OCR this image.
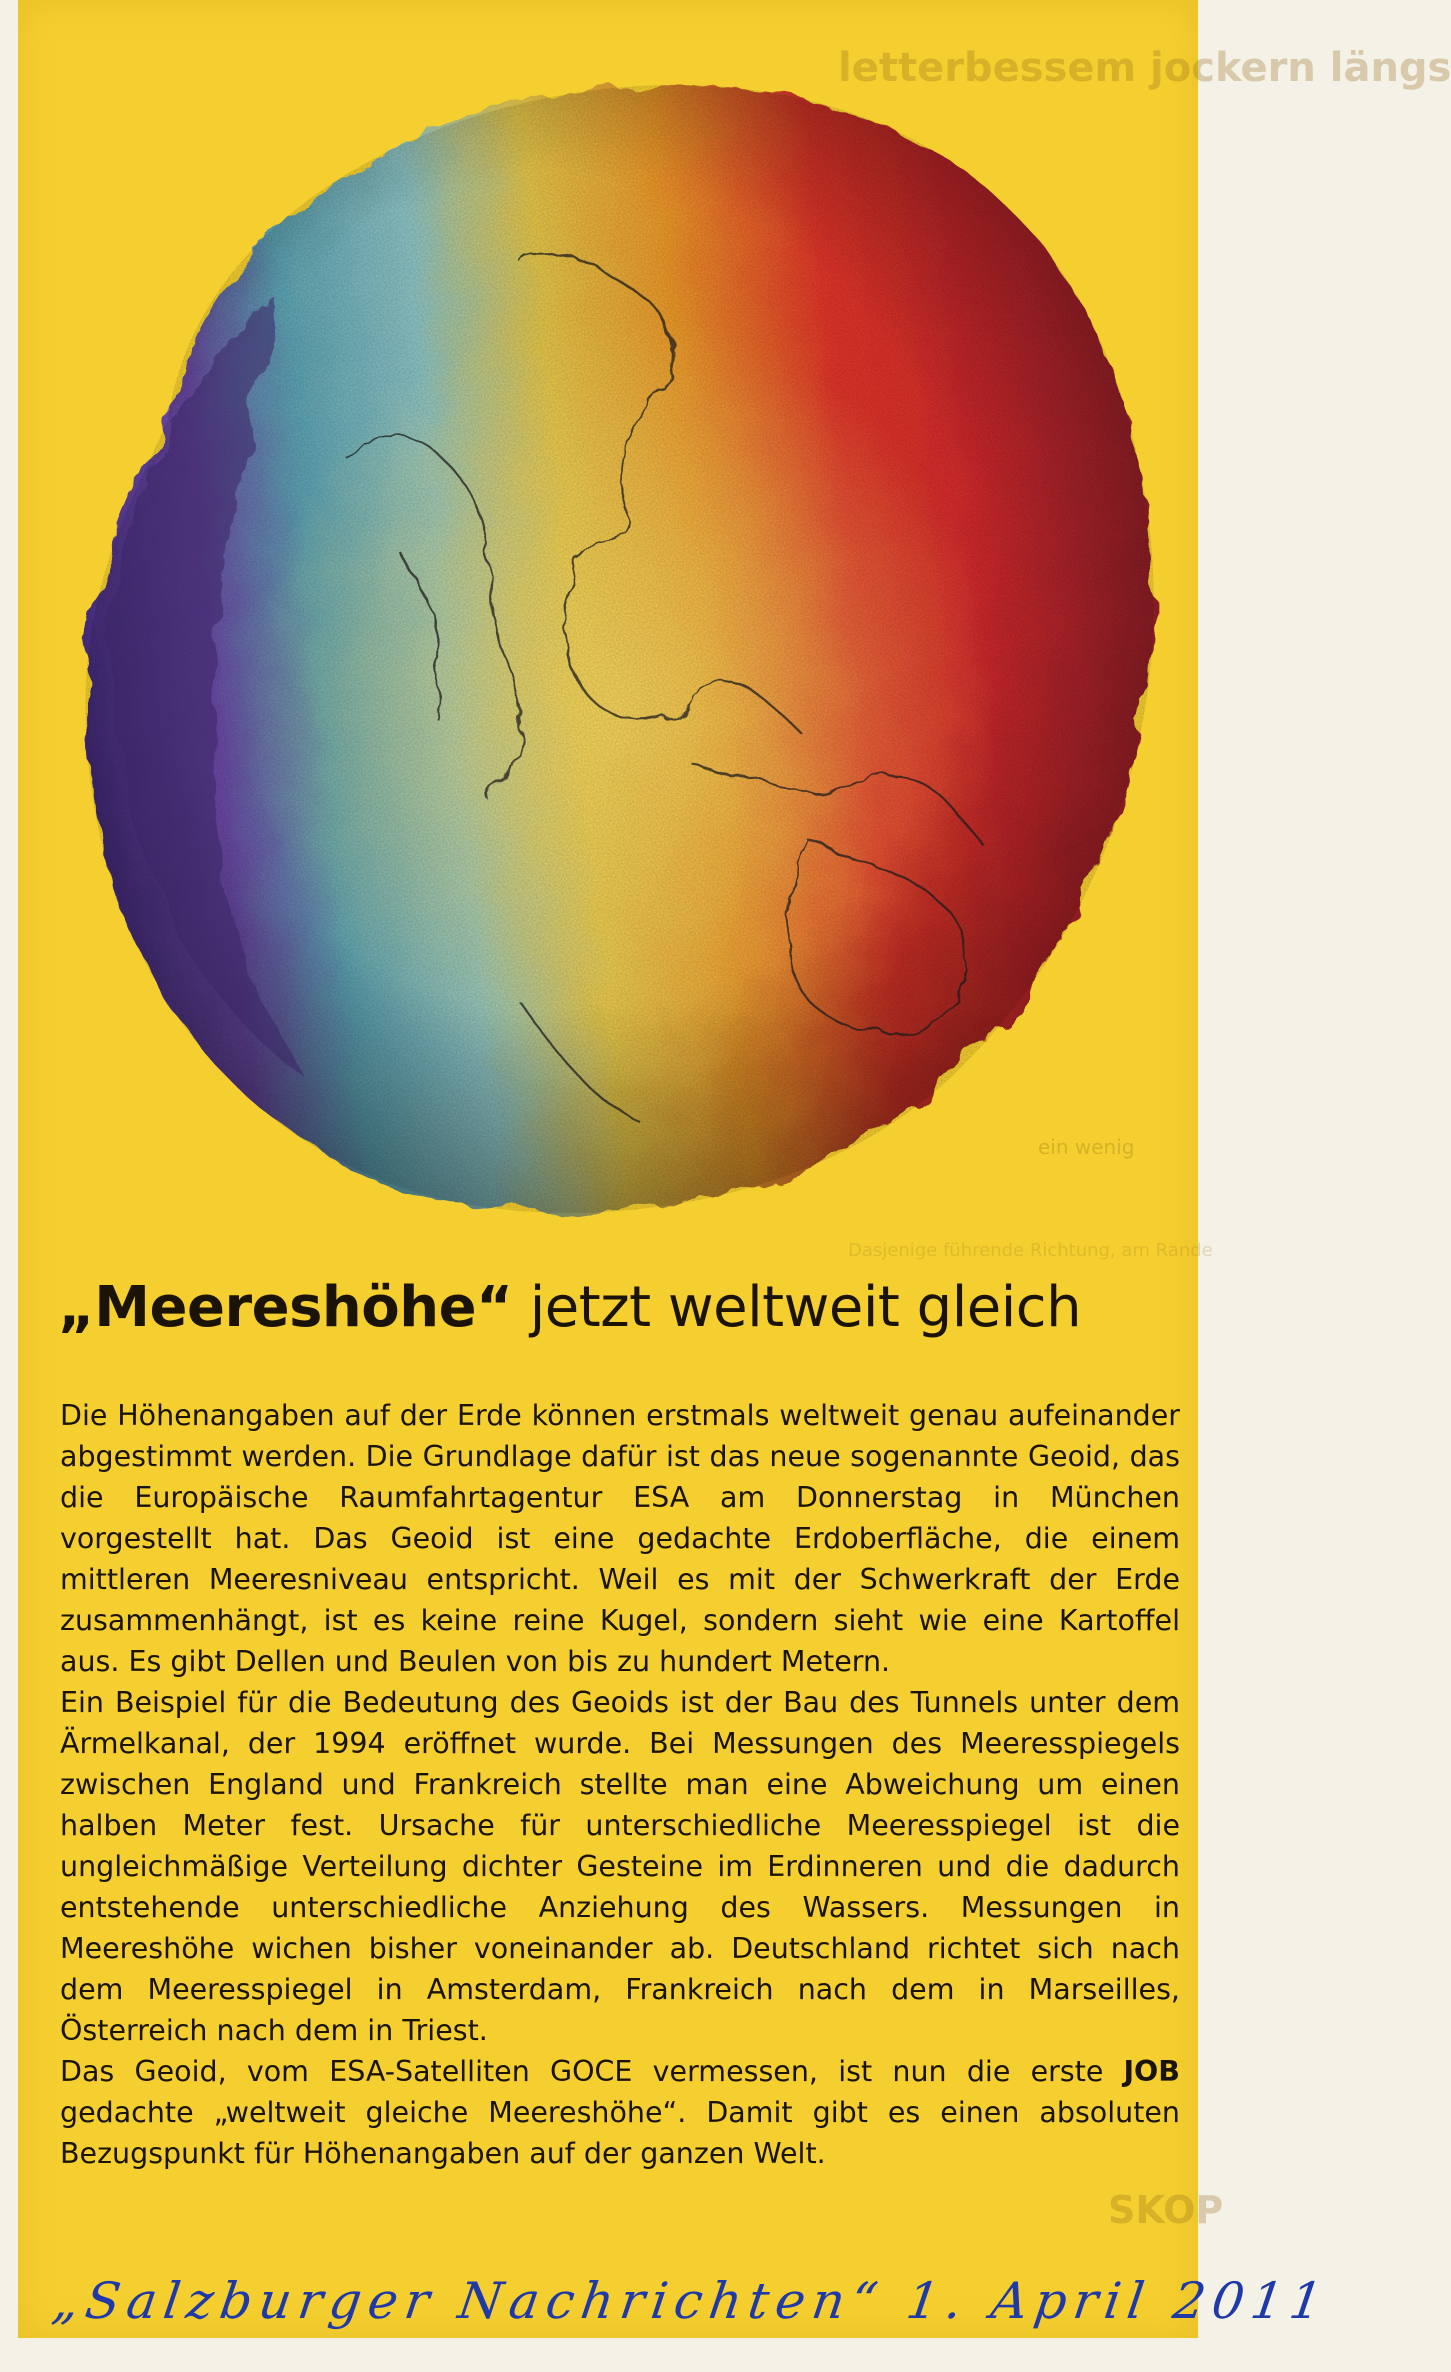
letterbessem jockern längs
ein wenig
Dasjenige führende Richtung, am Rande
SKOP
„Meereshöhe“ jetzt weltweit gleich

Die Höhenangaben auf der Erde können erstmals weltweit genau aufeinander abgestimmt werden. Die Grundlage dafür ist das neue sogenannte Geoid, das die Europäische Raumfahrtagentur ESA am Donnerstag in München vorgestellt hat. Das Geoid ist eine gedachte Erdoberfläche, die einem mittleren Meeresniveau entspricht. Weil es mit der Schwerkraft der Erde zusammenhängt, ist es keine reine Kugel, sondern sieht wie eine Kartoffel aus. Es gibt Dellen und Beulen von bis zu hundert Metern.

Ein Beispiel für die Bedeutung des Geoids ist der Bau des Tunnels unter dem Ärmelkanal, der 1994 eröffnet wurde. Bei Messungen des Meeresspiegels zwischen England und Frankreich stellte man eine Abweichung um einen halben Meter fest. Ursache für unterschiedliche Meeresspiegel ist die ungleichmäßige Verteilung dichter Gesteine im Erdinneren und die dadurch entstehende unterschiedliche Anziehung des Wassers. Messungen in Meereshöhe wichen bisher voneinander ab. Deutschland richtet sich nach dem Meeresspiegel in Amsterdam, Frankreich nach dem in Marseilles, Österreich nach dem in Triest.

JOB
Das Geoid, vom ESA-Satelliten GOCE vermessen, ist nun die erste gedachte „weltweit gleiche Meereshöhe“. Damit gibt es einen absoluten Bezugspunkt für Höhenangaben auf der ganzen Welt.

„Salzburger Nachrichten“ 1. April 2011
